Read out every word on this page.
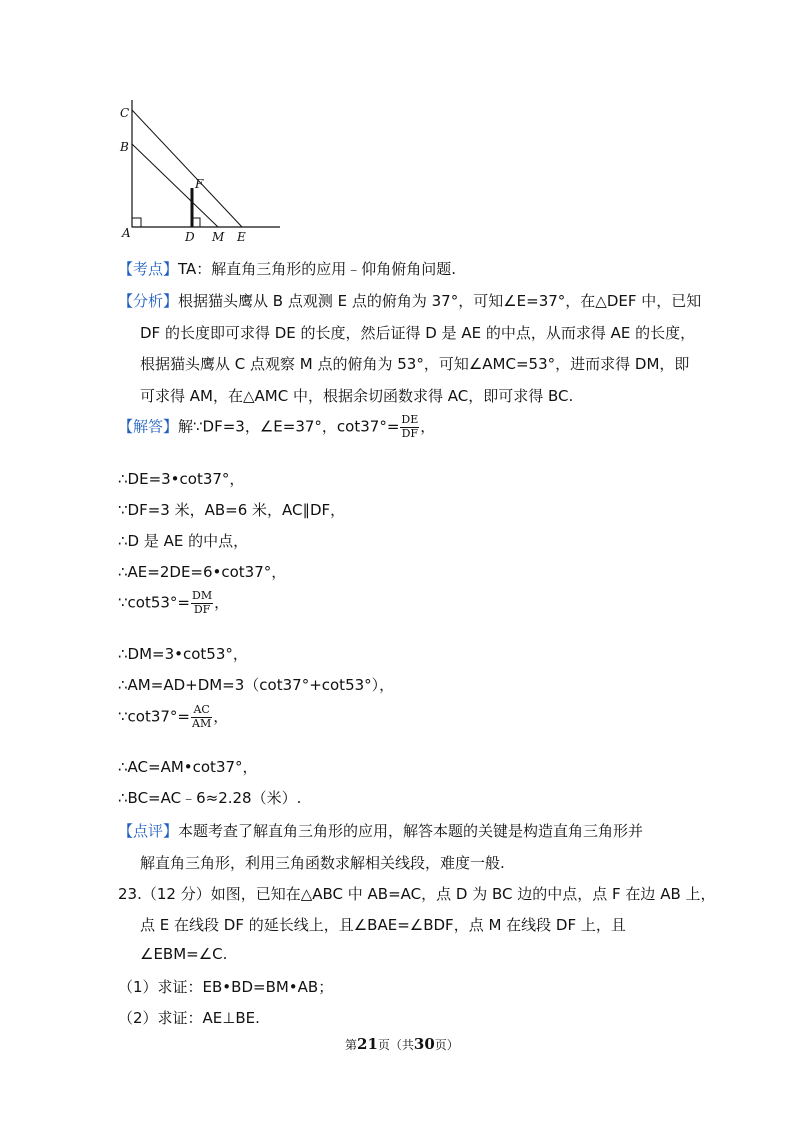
C
B
A
F
D M E
【考点】TA：解直角三角形的应用﹣仰角俯角问题.
【分析】根据猫头鹰从 B 点观测 E 点的俯角为 37°，可知∠E=37°，在△DEF 中，已知
DF 的长度即可求得 DE 的长度，然后证得 D 是 AE 的中点，从而求得 AE 的长度，
根据猫头鹰从 C 点观察 M 点的俯角为 53°，可知∠AMC=53°，进而求得 DM，即
可求得 AM，在△AMC 中，根据余切函数求得 AC，即可求得 BC.
【解答】解∵DF=3，∠E=37°，$\cot 37^\circ= \frac{DE}{DF}$ ，
∴DE=3•cot37°，
∵DF=3 米，AB=6 米，AC∥DF，
∴D 是 AE 的中点，
∴AE=2DE=6•cot37°，
∵cot53°= $\frac{DM}{DF}$ ，
∴DM=3•cot53°，
∴AM=AD+DM=3（cot37°+cot53°），
∵cot37°= $\frac{AC}{AM}$ ，
∴AC=AM•cot37°，
∴BC=AC﹣6≈2.28（米）.
【点评】本题考查了解直角三角形的应用，解答本题的关键是构造直角三角形并
解直角三角形，利用三角函数求解相关线段，难度一般.
23.（12 分）如图，已知在△ABC 中 AB=AC，点 D 为 BC 边的中点，点 F 在边 AB 上，
点 E 在线段 DF 的延长线上，且∠BAE=∠BDF，点 M 在线段 DF 上，且
∠EBM=∠C.
（1）求证：EB•BD=BM•AB；
（2）求证：AE⊥BE.
第21页（共30页）
